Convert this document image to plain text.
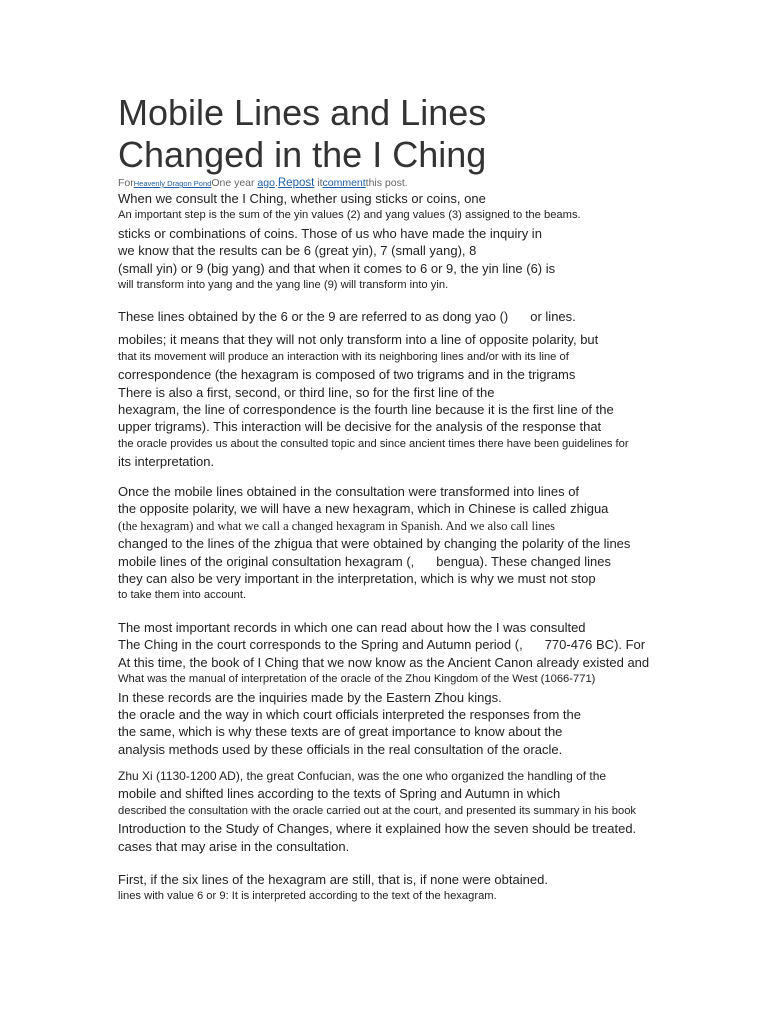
Mobile Lines and Lines
Changed in the I Ching
ForHeavenly Dragon PondOne year ago.Repost itcommentthis post.
When we consult the I Ching, whether using sticks or coins, one
An important step is the sum of the yin values (2) and yang values (3) assigned to the beams.
sticks or combinations of coins. Those of us who have made the inquiry in
we know that the results can be 6 (great yin), 7 (small yang), 8
(small yin) or 9 (big yang) and that when it comes to 6 or 9, the yin line (6) is
will transform into yang and the yang line (9) will transform into yin.
These lines obtained by the 6 or the 9 are referred to as dong yao () or lines.
mobiles; it means that they will not only transform into a line of opposite polarity, but
that its movement will produce an interaction with its neighboring lines and/or with its line of
correspondence (the hexagram is composed of two trigrams and in the trigrams
There is also a first, second, or third line, so for the first line of the
hexagram, the line of correspondence is the fourth line because it is the first line of the
upper trigrams). This interaction will be decisive for the analysis of the response that
the oracle provides us about the consulted topic and since ancient times there have been guidelines for
its interpretation.
Once the mobile lines obtained in the consultation were transformed into lines of
the opposite polarity, we will have a new hexagram, which in Chinese is called zhigua
(the hexagram) and what we call a changed hexagram in Spanish. And we also call lines
changed to the lines of the zhigua that were obtained by changing the polarity of the lines
mobile lines of the original consultation hexagram (, bengua). These changed lines
they can also be very important in the interpretation, which is why we must not stop
to take them into account.
The most important records in which one can read about how the I was consulted
The Ching in the court corresponds to the Spring and Autumn period (, 770-476 BC). For
At this time, the book of I Ching that we now know as the Ancient Canon already existed and
What was the manual of interpretation of the oracle of the Zhou Kingdom of the West (1066-771)
In these records are the inquiries made by the Eastern Zhou kings.
the oracle and the way in which court officials interpreted the responses from the
the same, which is why these texts are of great importance to know about the
analysis methods used by these officials in the real consultation of the oracle.
Zhu Xi (1130-1200 AD), the great Confucian, was the one who organized the handling of the
mobile and shifted lines according to the texts of Spring and Autumn in which
described the consultation with the oracle carried out at the court, and presented its summary in his book
Introduction to the Study of Changes, where it explained how the seven should be treated.
cases that may arise in the consultation.
First, if the six lines of the hexagram are still, that is, if none were obtained.
lines with value 6 or 9: It is interpreted according to the text of the hexagram.
